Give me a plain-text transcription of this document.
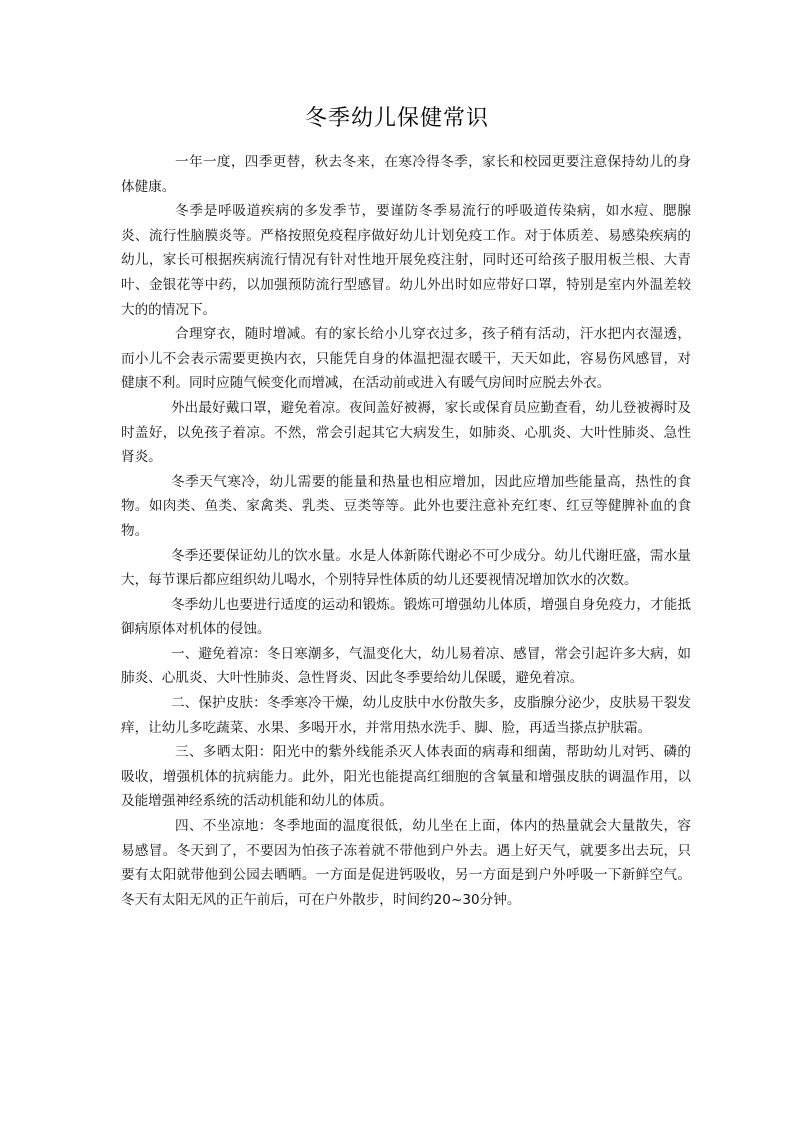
冬季幼儿保健常识

一年一度，四季更替，秋去冬来，在寒冷得冬季，家长和校园更要注意保持幼儿的身体健康。

冬季是呼吸道疾病的多发季节，要谨防冬季易流行的呼吸道传染病，如水痘、腮腺炎、流行性脑膜炎等。严格按照免疫程序做好幼儿计划免疫工作。对于体质差、易感染疾病的幼儿，家长可根据疾病流行情况有针对性地开展免疫注射，同时还可给孩子服用板兰根、大青叶、金银花等中药，以加强预防流行型感冒。幼儿外出时如应带好口罩，特别是室内外温差较大的的情况下。

合理穿衣，随时增减。有的家长给小儿穿衣过多，孩子稍有活动，汗水把内衣湿透，而小儿不会表示需要更换内衣，只能凭自身的体温把湿衣暖干，天天如此，容易伤风感冒，对健康不利。同时应随气候变化而增减，在活动前或进入有暖气房间时应脱去外衣。

外出最好戴口罩，避免着凉。夜间盖好被褥，家长或保育员应勤查看，幼儿登被褥时及时盖好，以免孩子着凉。不然，常会引起其它大病发生，如肺炎、心肌炎、大叶性肺炎、急性肾炎。

冬季天气寒冷，幼儿需要的能量和热量也相应增加，因此应增加些能量高，热性的食物。如肉类、鱼类、家禽类、乳类、豆类等等。此外也要注意补充红枣、红豆等健脾补血的食物。

冬季还要保证幼儿的饮水量。水是人体新陈代谢必不可少成分。幼儿代谢旺盛，需水量大，每节课后都应组织幼儿喝水，个别特异性体质的幼儿还要视情况增加饮水的次数。

冬季幼儿也要进行适度的运动和锻炼。锻炼可增强幼儿体质，增强自身免疫力，才能抵御病原体对机体的侵蚀。

一、避免着凉：冬日寒潮多，气温变化大，幼儿易着凉、感冒，常会引起许多大病，如肺炎、心肌炎、大叶性肺炎、急性肾炎、因此冬季要给幼儿保暖，避免着凉。

二、保护皮肤：冬季寒冷干燥，幼儿皮肤中水份散失多，皮脂腺分泌少，皮肤易干裂发痒，让幼儿多吃蔬菜、水果、多喝开水，并常用热水洗手、脚、脸，再适当搽点护肤霜。

三、多晒太阳：阳光中的紫外线能杀灭人体表面的病毒和细菌，帮助幼儿对钙、磷的吸收，增强机体的抗病能力。此外，阳光也能提高红细胞的含氧量和增强皮肤的调温作用，以及能增强神经系统的活动机能和幼儿的体质。

四、不坐凉地：冬季地面的温度很低，幼儿坐在上面，体内的热量就会大量散失，容易感冒。冬天到了，不要因为怕孩子冻着就不带他到户外去。遇上好天气，就要多出去玩，只要有太阳就带他到公园去晒晒。一方面是促进钙吸收，另一方面是到户外呼吸一下新鲜空气。冬天有太阳无风的正午前后，可在户外散步，时间约20~30分钟。
